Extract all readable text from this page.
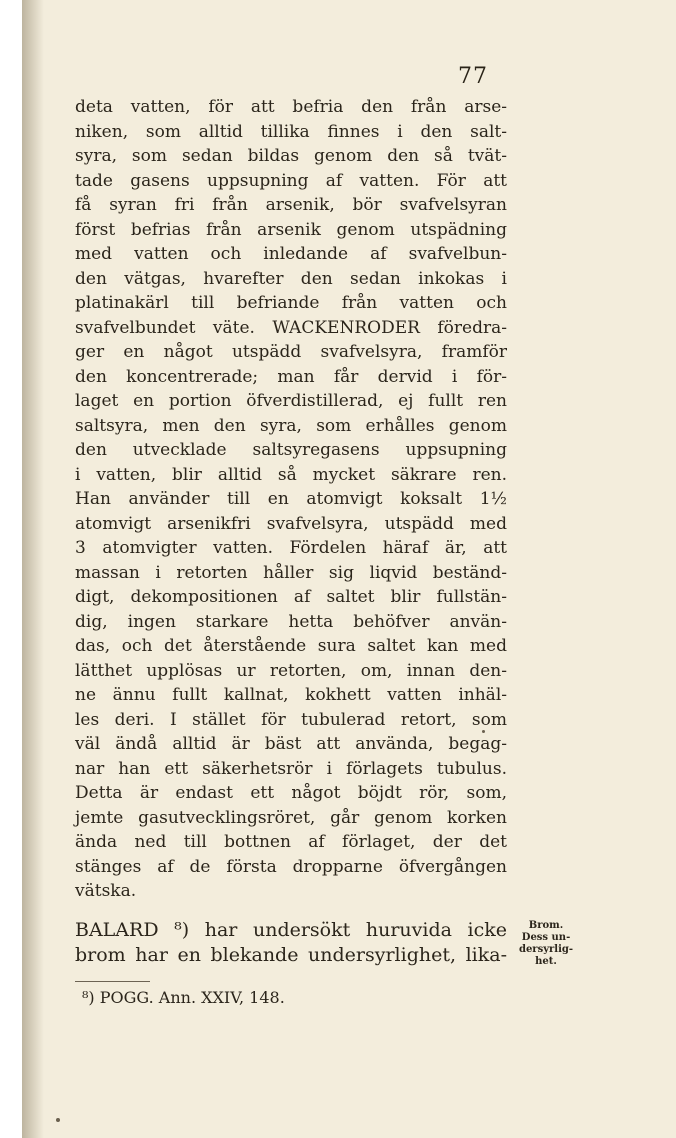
77
deta vatten, för att befria den från arse-
niken, som alltid tillika finnes i den salt-
syra, som sedan bildas genom den så tvät-
tade gasens uppsupning af vatten. För att
få syran fri från arsenik, bör svafvelsyran
först befrias från arsenik genom utspädning
med vatten och inledande af svafvelbun-
den vätgas, hvarefter den sedan inkokas i
platinakärl till befriande från vatten och
svafvelbundet väte. WACKENRODER föredra-
ger en något utspädd svafvelsyra, framför
den koncentrerade; man får dervid i för-
laget en portion öfverdistillerad, ej fullt ren
saltsyra, men den syra, som erhålles genom
den utvecklade saltsyregasens uppsupning
i vatten, blir alltid så mycket säkrare ren.
Han använder till en atomvigt koksalt 1½
atomvigt arsenikfri svafvelsyra, utspädd med
3 atomvigter vatten. Fördelen häraf är, att
massan i retorten håller sig liqvid beständ-
digt, dekompositionen af saltet blir fullstän-
dig, ingen starkare hetta behöfver använ-
das, och det återstående sura saltet kan med
lätthet upplösas ur retorten, om, innan den-
ne ännu fullt kallnat, kokhett vatten inhäl-
les deri. I stället för tubulerad retort, som
väl ändå alltid är bäst att använda, begag-
nar han ett säkerhetsrör i förlagets tubulus.
Detta är endast ett något böjdt rör, som,
jemte gasutvecklingsröret, går genom korken
ända ned till bottnen af förlaget, der det
stänges af de första dropparne öfvergången
vätska.
BALARD ⁸) har undersökt huruvida icke
brom har en blekande undersyrlighet, lika-
Brom.
Dess un-
dersyrlig-
het.
⁸) POGG. Ann. XXIV, 148.
